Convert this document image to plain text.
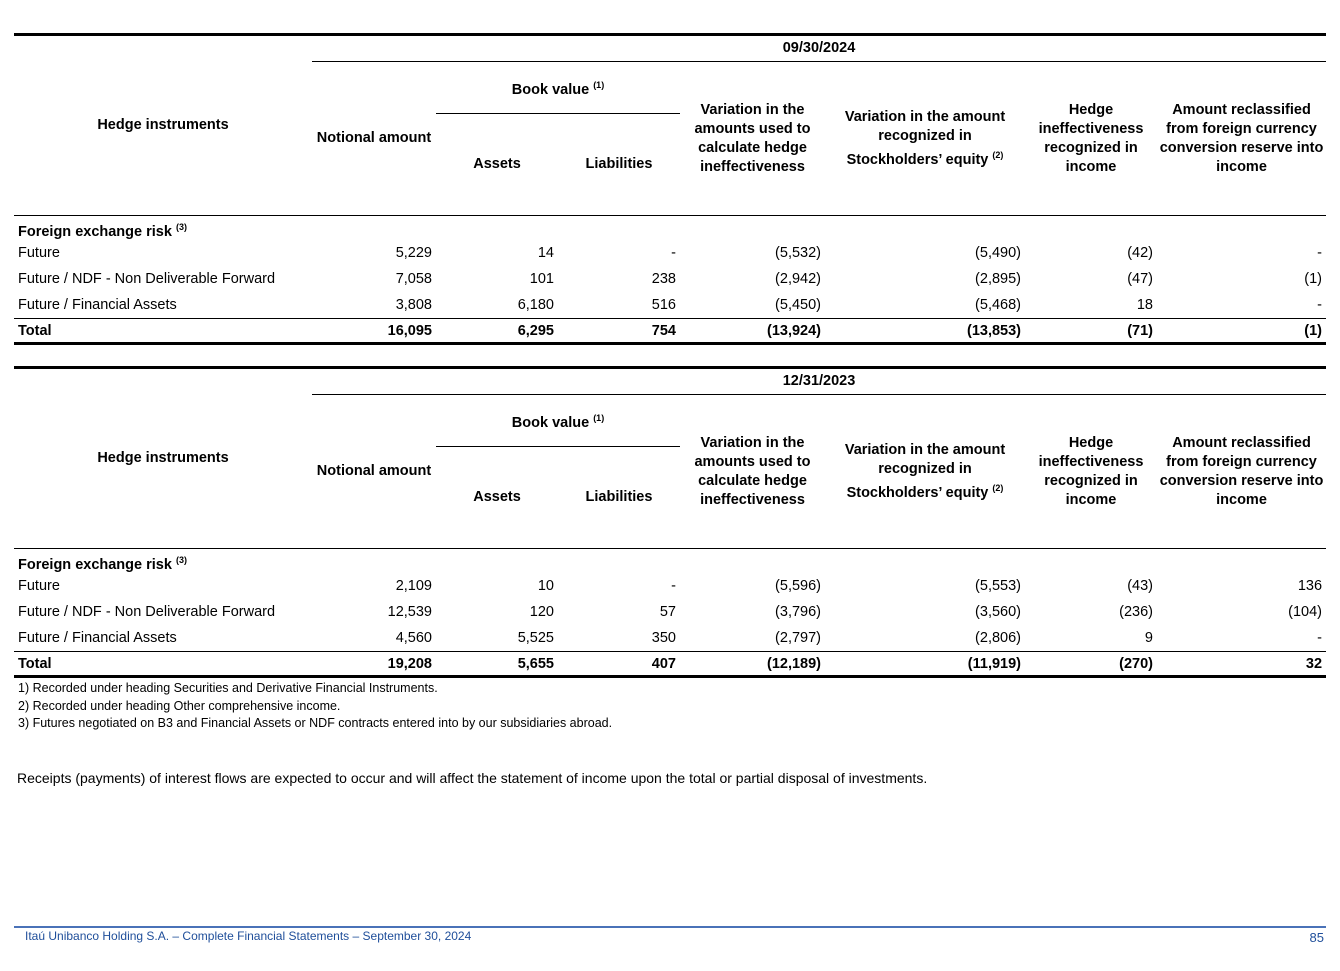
Hedge instruments	09/30/2024						
	Notional amount	Book value $^{(1)}$		Variation in the amounts used to calculate hedge ineffectiveness	Variation in the amount recognized in Stockholders’ equity $^{(2)}$	Hedge ineffectiveness recognized in income	Amount reclassified from foreign currency conversion reserve into income
		Assets	Liabilities				
Foreign exchange risk $^{(3)}$
Future	5,229	14	-	(5,532)	(5,490)	(42)	-
Future / NDF - Non Deliverable Forward	7,058	101	238	(2,942)	(2,895)	(47)	(1)
Future / Financial Assets	3,808	6,180	516	(5,450)	(5,468)	18	-
Total	16,095	6,295	754	(13,924)	(13,853)	(71)	(1)
Hedge instruments	12/31/2023						
	Notional amount	Book value $^{(1)}$		Variation in the amounts used to calculate hedge ineffectiveness	Variation in the amount recognized in Stockholders’ equity $^{(2)}$	Hedge ineffectiveness recognized in income	Amount reclassified from foreign currency conversion reserve into income
		Assets	Liabilities				
Foreign exchange risk $^{(3)}$
Future	2,109	10	-	(5,596)	(5,553)	(43)	136
Future / NDF - Non Deliverable Forward	12,539	120	57	(3,796)	(3,560)	(236)	(104)
Future / Financial Assets	4,560	5,525	350	(2,797)	(2,806)	9	-
Total	19,208	5,655	407	(12,189)	(11,919)	(270)	32
1) Recorded under heading Securities and Derivative Financial Instruments.
2) Recorded under heading Other comprehensive income.
3) Futures negotiated on B3 and Financial Assets or NDF contracts entered into by our subsidiaries abroad.
Receipts (payments) of interest flows are expected to occur and will affect the statement of income upon the total or partial disposal of investments.
Itaú Unibanco Holding S.A. – Complete Financial Statements – September 30, 2024	85
